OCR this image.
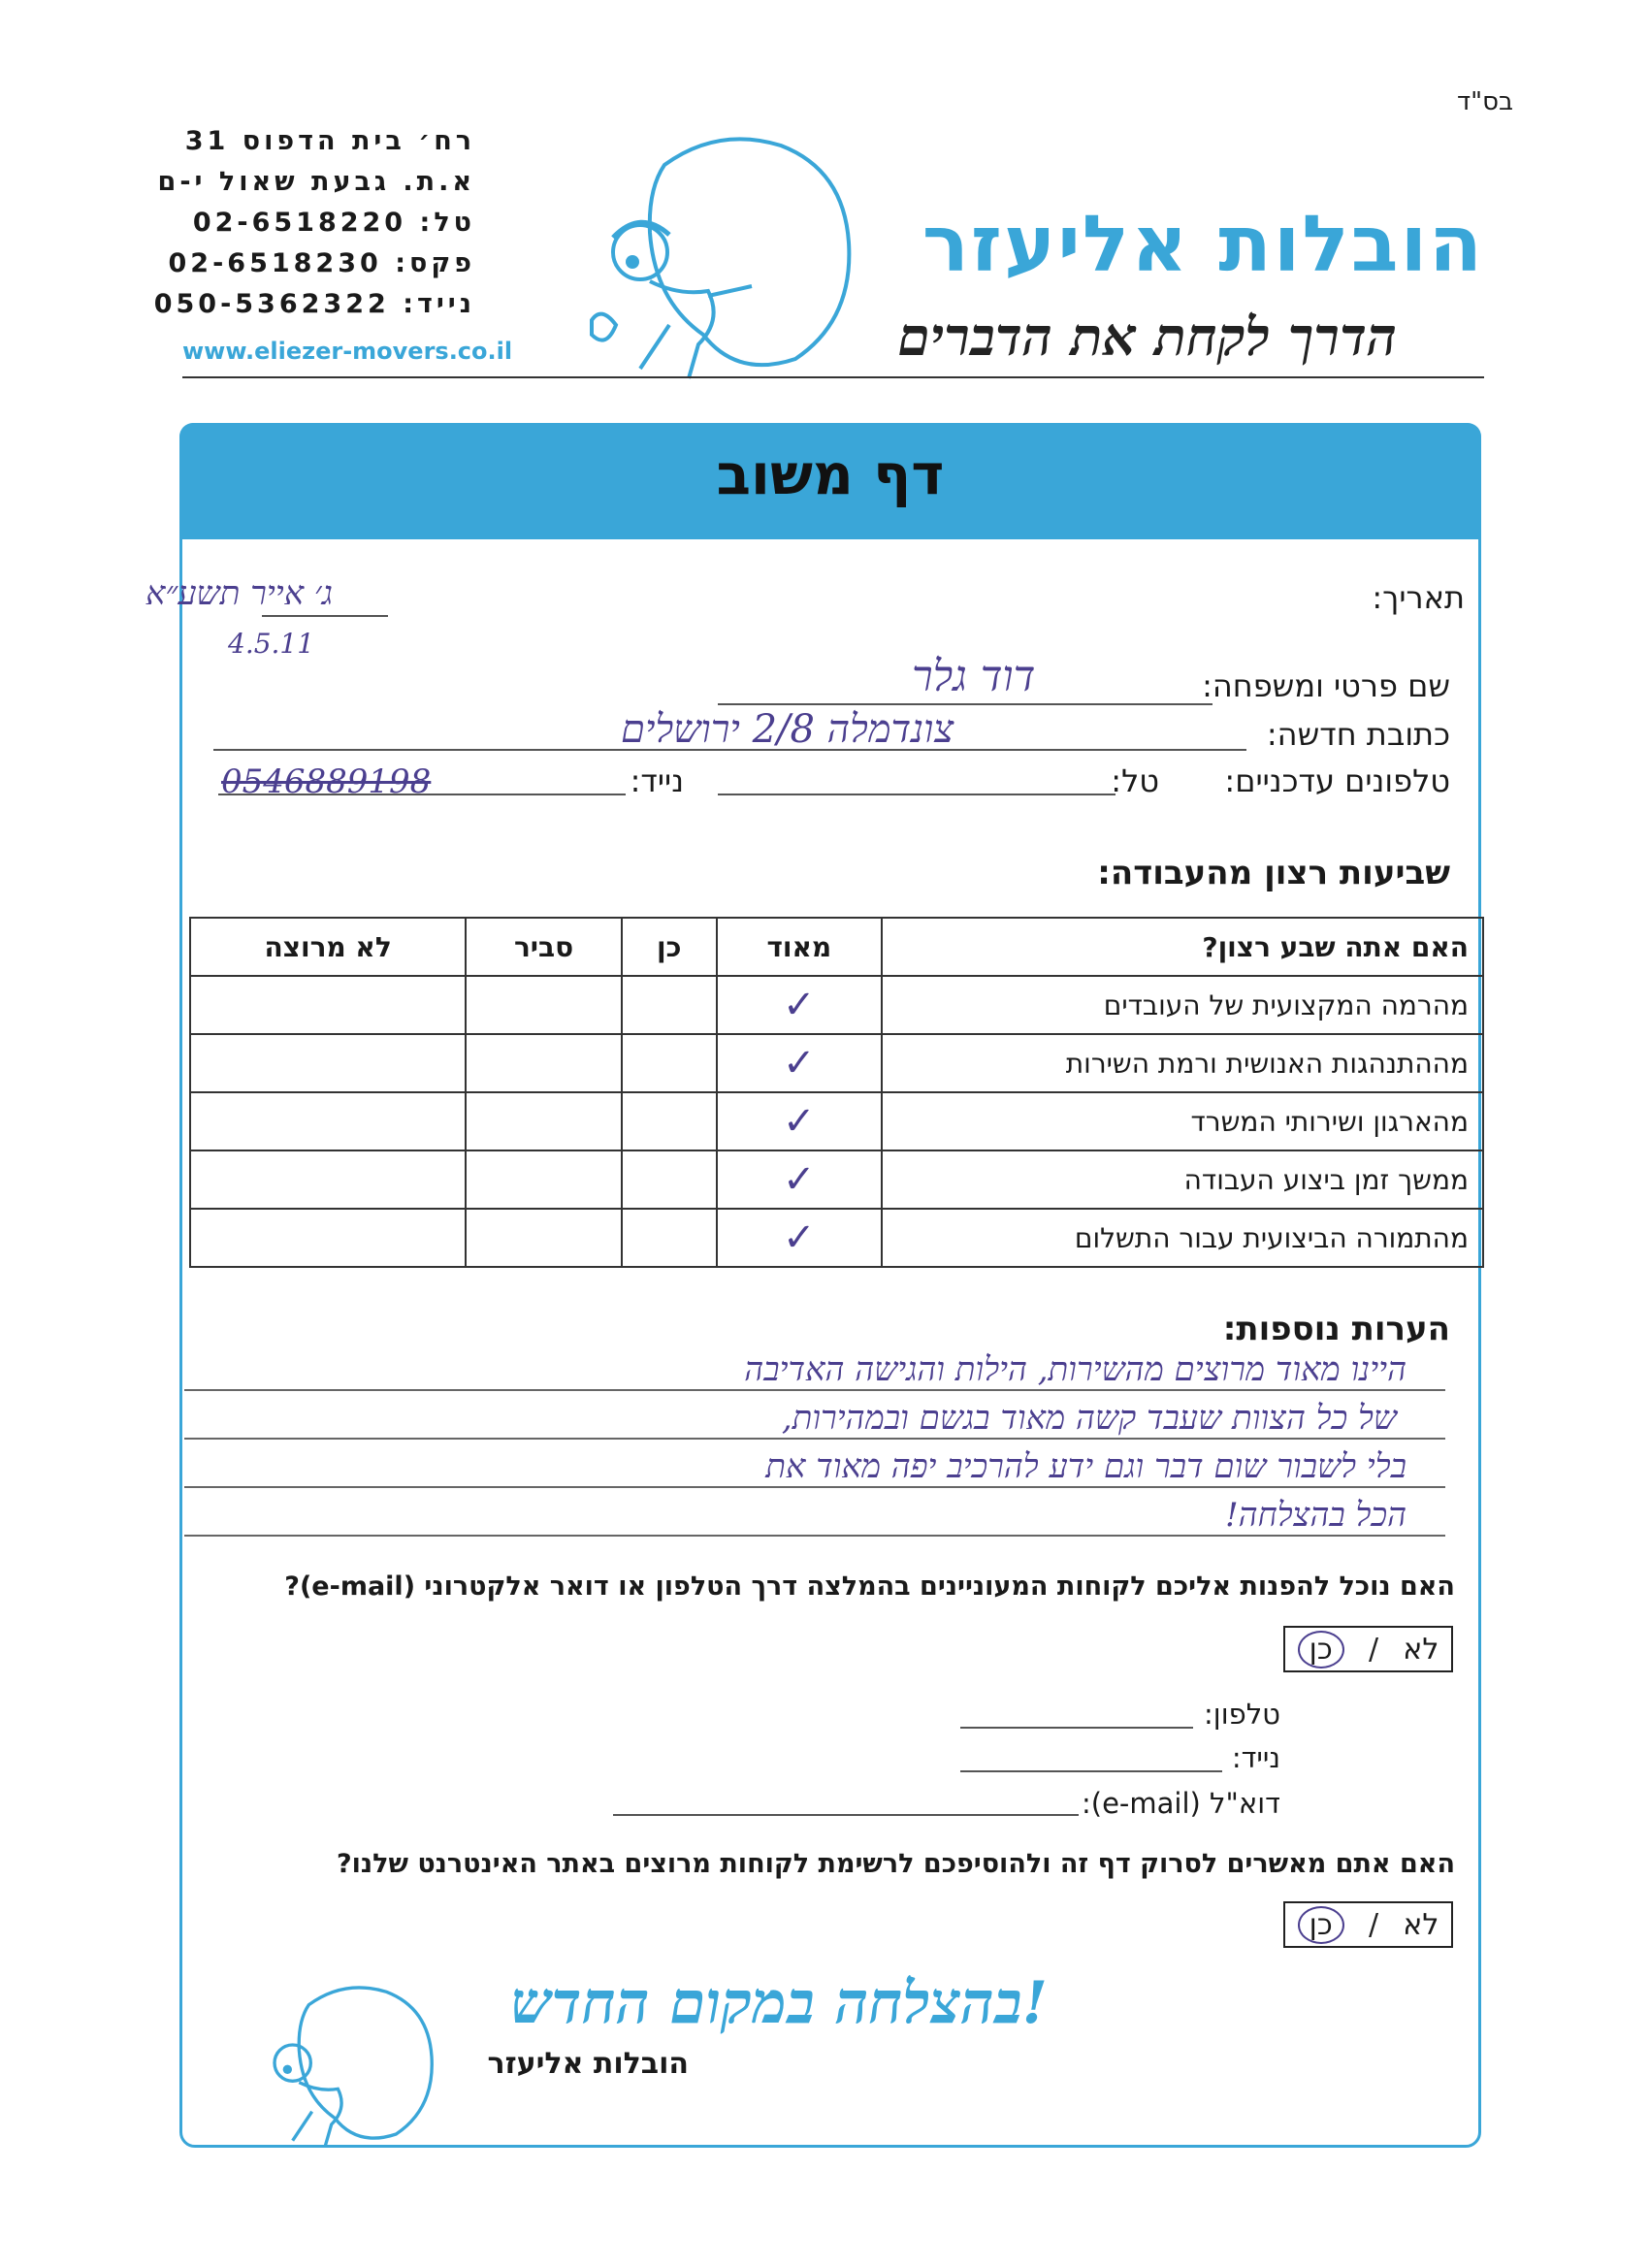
בס"ד
רח׳ בית הדפוס 31
א.ת. גבעת שאול י-ם
טל: 02-6518220
פקס: 02-6518230
נייד: 050-5362322
www.eliezer-movers.co.il
הובלות אליעזר
הדרך לקחת את הדברים
דף משוב
תאריך:
ג׳ אייר תשע״א
4.5.11
שם פרטי ומשפחה:
דוד גלר
כתובת חדשה:
צונדמלה 2/8 ירושלים
טלפונים עדכניים:
טל:
נייד:
0546889198
שביעות רצון מהעבודה:
האם אתה שבע רצון?	מאוד	כן	סביר	לא מרוצה
מהרמה המקצועית של העובדים	✓			
מההתנהגות האנושית ורמת השירות	✓			
מהארגון ושירותי המשרד	✓			
ממשך זמן ביצוע העבודה	✓			
מהתמורה הביצועית עבור התשלום	✓			
הערות נוספות:
היינו מאוד מרוצים מהשירות, הילות והגישה האדיבה
של כל הצוות שעבד קשה מאוד בגשם ובמהירות,
בלי לשבור שום דבר וגם ידע להרכיב יפה מאוד את
הכל בהצלחה!
האם נוכל להפנות אליכם לקוחות המעוניינים בהמלצה דרך הטלפון או דואר אלקטרוני (e-mail)?
לא
/
כן
טלפון:
נייד:
דוא"ל (e-mail):
האם אתם מאשרים לסרוק דף זה ולהוסיפכם לרשימת לקוחות מרוצים באתר האינטרנט שלנו?
לא
/
כן
!בהצלחה במקום החדש
הובלות אליעזר
